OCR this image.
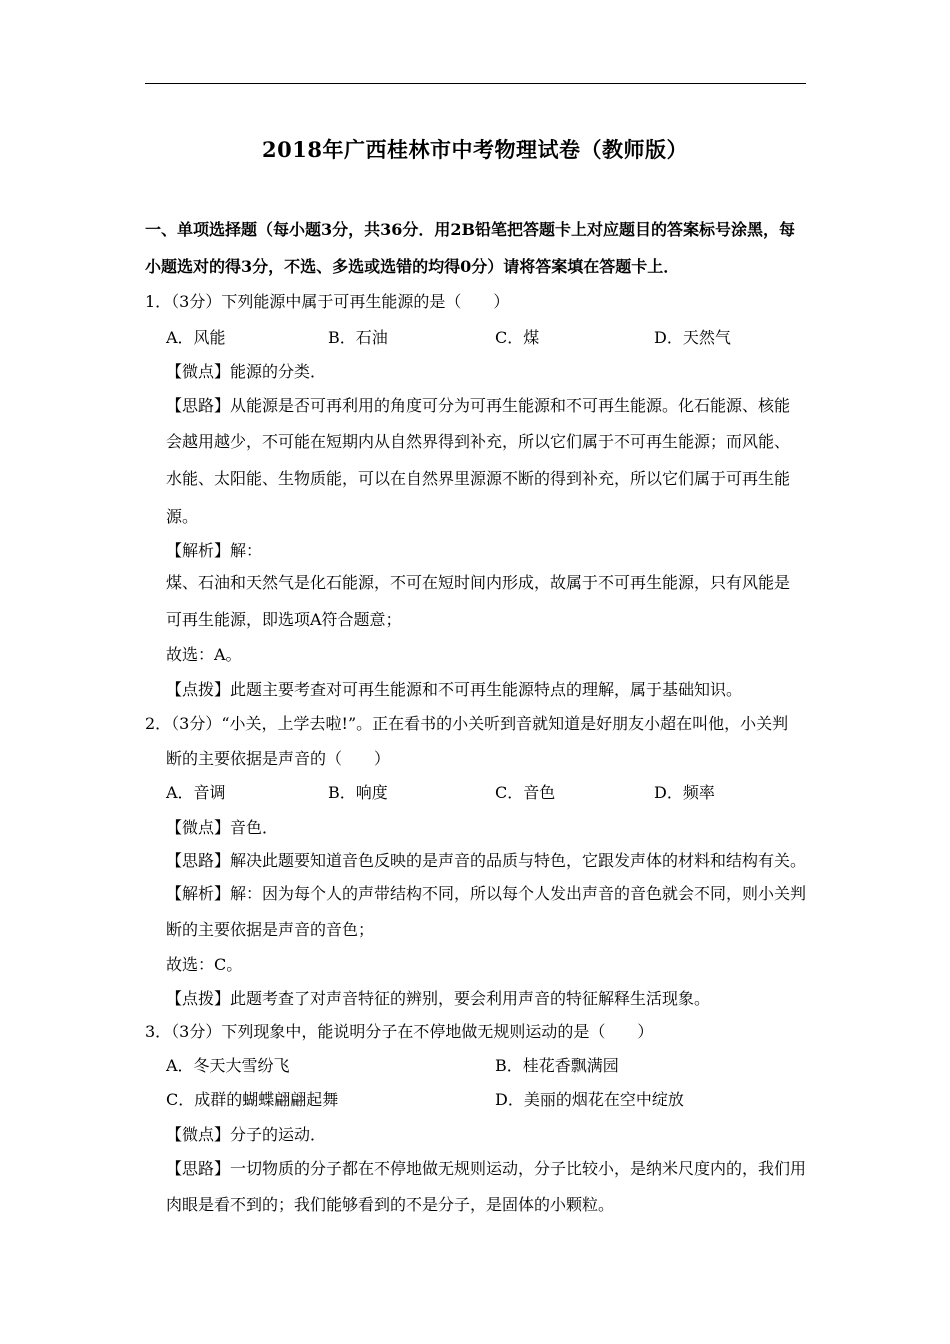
2018年广西桂林市中考物理试卷（教师版）
一、单项选择题（每小题3分，共36分．用2B铅笔把答题卡上对应题目的答案标号涂黑，每
小题选对的得3分，不选、多选或选错的均得0分）请将答案填在答题卡上．
1．（3分）下列能源中属于可再生能源的是（　　）
A．风能	B．石油	C．煤	D．天然气
【微点】能源的分类．
【思路】从能源是否可再利用的角度可分为可再生能源和不可再生能源。化石能源、核能
会越用越少，不可能在短期内从自然界得到补充，所以它们属于不可再生能源；而风能、
水能、太阳能、生物质能，可以在自然界里源源不断的得到补充，所以它们属于可再生能
源。
【解析】解：
煤、石油和天然气是化石能源，不可在短时间内形成，故属于不可再生能源，只有风能是
可再生能源，即选项A符合题意；
故选：A。
【点拨】此题主要考查对可再生能源和不可再生能源特点的理解，属于基础知识。
2．（3分）“小关，上学去啦!”。正在看书的小关听到音就知道是好朋友小超在叫他，小关判
断的主要依据是声音的（　　）
A．音调	B．响度	C．音色	D．频率
【微点】音色．
【思路】解决此题要知道音色反映的是声音的品质与特色，它跟发声体的材料和结构有关。
【解析】解：因为每个人的声带结构不同，所以每个人发出声音的音色就会不同，则小关判
断的主要依据是声音的音色；
故选：C。
【点拨】此题考查了对声音特征的辨别，要会利用声音的特征解释生活现象。
3．（3分）下列现象中，能说明分子在不停地做无规则运动的是（　　）
A．冬天大雪纷飞	B．桂花香飘满园
C．成群的蝴蝶翩翩起舞	D．美丽的烟花在空中绽放
【微点】分子的运动．
【思路】一切物质的分子都在不停地做无规则运动，分子比较小，是纳米尺度内的，我们用
肉眼是看不到的；我们能够看到的不是分子，是固体的小颗粒。
